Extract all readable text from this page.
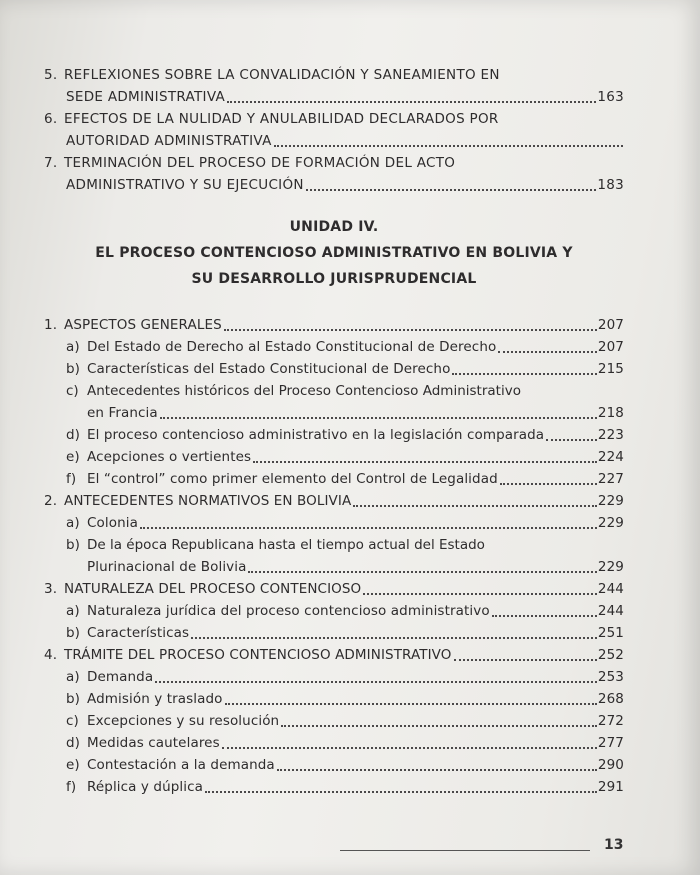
5. REFLEXIONES SOBRE LA CONVALIDACIÓN Y SANEAMIENTO EN
SEDE ADMINISTRATIVA	163
6. EFECTOS DE LA NULIDAD Y ANULABILIDAD DECLARADOS POR
AUTORIDAD ADMINISTRATIVA
7. TERMINACIÓN DEL PROCESO DE FORMACIÓN DEL ACTO
ADMINISTRATIVO Y SU EJECUCIÓN	183
UNIDAD IV.
EL PROCESO CONTENCIOSO ADMINISTRATIVO EN BOLIVIA Y
SU DESARROLLO JURISPRUDENCIAL
1. ASPECTOS GENERALES	207
a) Del Estado de Derecho al Estado Constitucional de Derecho	207
b) Características del Estado Constitucional de Derecho	215
c) Antecedentes históricos del Proceso Contencioso Administrativo
en Francia	218
d) El proceso contencioso administrativo en la legislación comparada	223
e) Acepciones o vertientes	224
f) El “control” como primer elemento del Control de Legalidad	227
2. ANTECEDENTES NORMATIVOS EN BOLIVIA	229
a) Colonia	229
b) De la época Republicana hasta el tiempo actual del Estado
Plurinacional de Bolivia	229
3. NATURALEZA DEL PROCESO CONTENCIOSO	244
a) Naturaleza jurídica del proceso contencioso administrativo	244
b) Características	251
4. TRÁMITE DEL PROCESO CONTENCIOSO ADMINISTRATIVO	252
a) Demanda	253
b) Admisión y traslado	268
c) Excepciones y su resolución	272
d) Medidas cautelares	277
e) Contestación a la demanda	290
f) Réplica y dúplica	291
13
